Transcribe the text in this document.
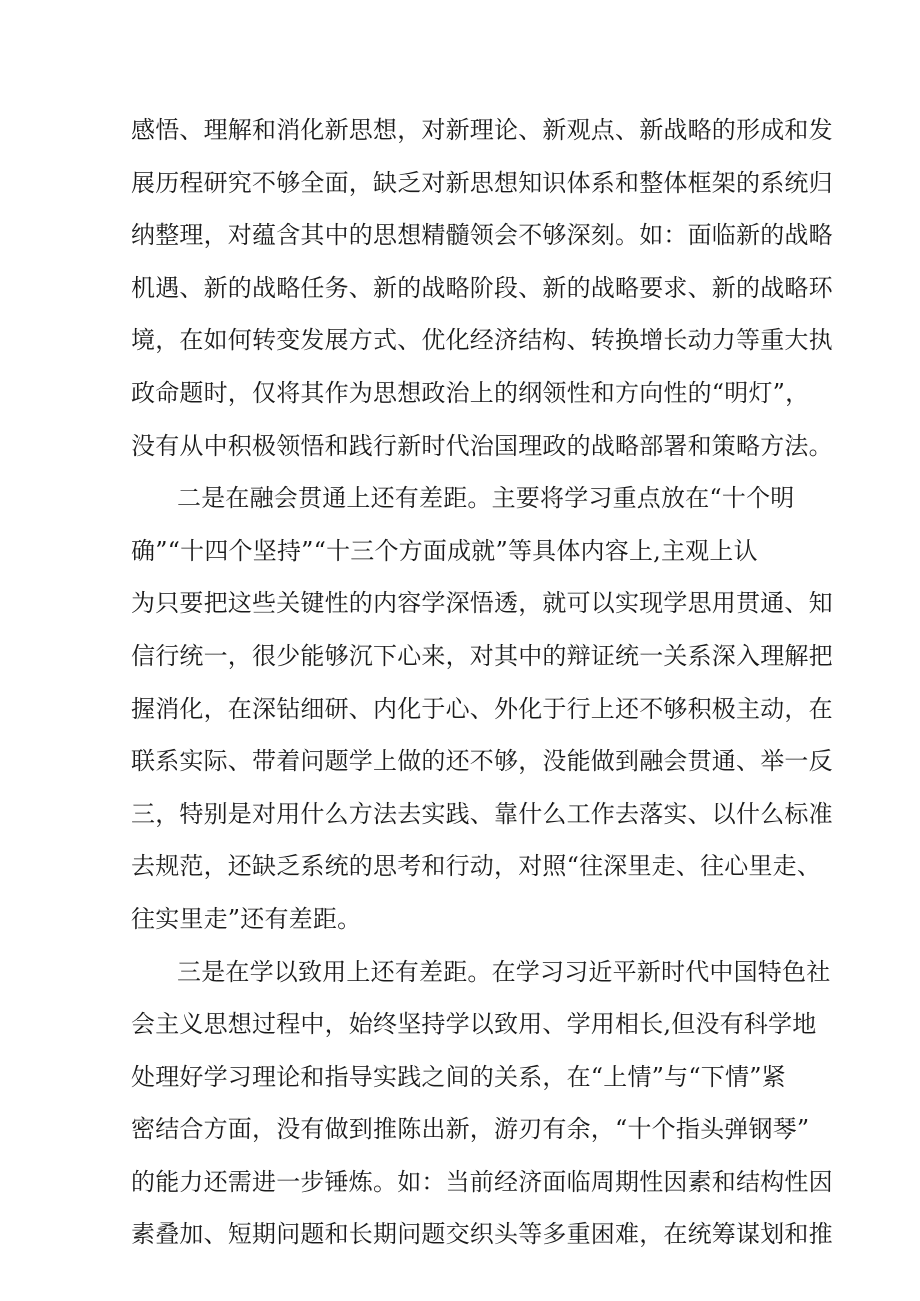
感悟、理解和消化新思想，对新理论、新观点、新战略的形成和发
展历程研究不够全面，缺乏对新思想知识体系和整体框架的系统归
纳整理，对蕴含其中的思想精髓领会不够深刻。如：面临新的战略
机遇、新的战略任务、新的战略阶段、新的战略要求、新的战略环
境，在如何转变发展方式、优化经济结构、转换增长动力等重大执
政命题时，仅将其作为思想政治上的纲领性和方向性的“明灯”，
没有从中积极领悟和践行新时代治国理政的战略部署和策略方法。
二是在融会贯通上还有差距。主要将学习重点放在“十个明
确”“十四个坚持”“十三个方面成就”等具体内容上,主观上认
为只要把这些关键性的内容学深悟透，就可以实现学思用贯通、知
信行统一，很少能够沉下心来，对其中的辩证统一关系深入理解把
握消化，在深钻细研、内化于心、外化于行上还不够积极主动，在
联系实际、带着问题学上做的还不够，没能做到融会贯通、举一反
三，特别是对用什么方法去实践、靠什么工作去落实、以什么标准
去规范，还缺乏系统的思考和行动，对照“往深里走、往心里走、
往实里走”还有差距。
三是在学以致用上还有差距。在学习习近平新时代中国特色社
会主义思想过程中，始终坚持学以致用、学用相长,但没有科学地
处理好学习理论和指导实践之间的关系，在“上情”与“下情”紧
密结合方面，没有做到推陈出新，游刃有余，“十个指头弹钢琴”
的能力还需进一步锤炼。如：当前经济面临周期性因素和结构性因
素叠加、短期问题和长期问题交织头等多重困难，在统筹谋划和推
